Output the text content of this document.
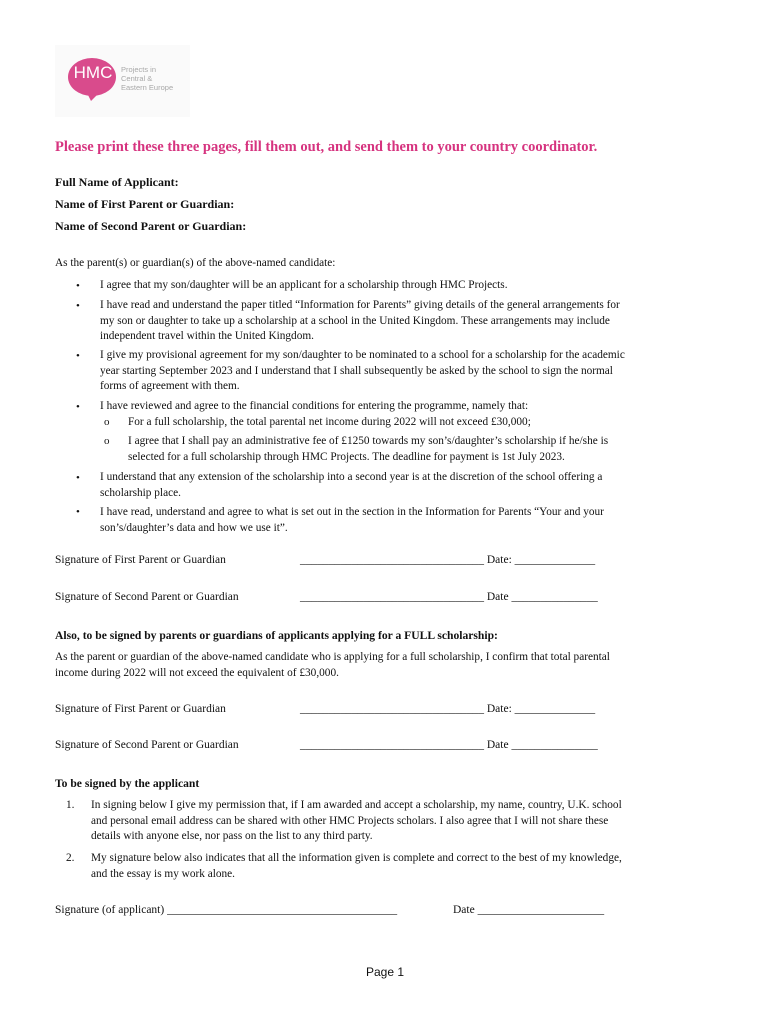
HMC	Projects in
Central &
Eastern Europe
Please print these three pages, fill them out, and send them to your country coordinator.
Full Name of Applicant:
Name of First Parent or Guardian:
Name of Second Parent or Guardian:
As the parent(s) or guardian(s) of the above-named candidate:
• I agree that my son/daughter will be an applicant for a scholarship through HMC Projects.
• I have read and understand the paper titled “Information for Parents” giving details of the general arrangements for
my son or daughter to take up a scholarship at a school in the United Kingdom. These arrangements may include
independent travel within the United Kingdom.
• I give my provisional agreement for my son/daughter to be nominated to a school for a scholarship for the academic
year starting September 2023 and I understand that I shall subsequently be asked by the school to sign the normal
forms of agreement with them.
• I have reviewed and agree to the financial conditions for entering the programme, namely that:
o For a full scholarship, the total parental net income during 2022 will not exceed £30,000;
o I agree that I shall pay an administrative fee of £1250 towards my son’s/daughter’s scholarship if he/she is
selected for a full scholarship through HMC Projects. The deadline for payment is 1st July 2023.
• I understand that any extension of the scholarship into a second year is at the discretion of the school offering a
scholarship place.
• I have read, understand and agree to what is set out in the section in the Information for Parents “Your and your
son’s/daughter’s data and how we use it”.
Signature of First Parent or Guardian	________________________________ Date: ______________
Signature of Second Parent or Guardian	________________________________ Date _______________
Also, to be signed by parents or guardians of applicants applying for a FULL scholarship:
As the parent or guardian of the above-named candidate who is applying for a full scholarship, I confirm that total parental
income during 2022 will not exceed the equivalent of £30,000.
Signature of First Parent or Guardian	________________________________ Date: ______________
Signature of Second Parent or Guardian	________________________________ Date _______________
To be signed by the applicant
1. In signing below I give my permission that, if I am awarded and accept a scholarship, my name, country, U.K. school
and personal email address can be shared with other HMC Projects scholars. I also agree that I will not share these
details with anyone else, nor pass on the list to any third party.
2. My signature below also indicates that all the information given is complete and correct to the best of my knowledge,
and the essay is my work alone.
Signature (of applicant) ________________________________________	Date ______________________
Page 1
